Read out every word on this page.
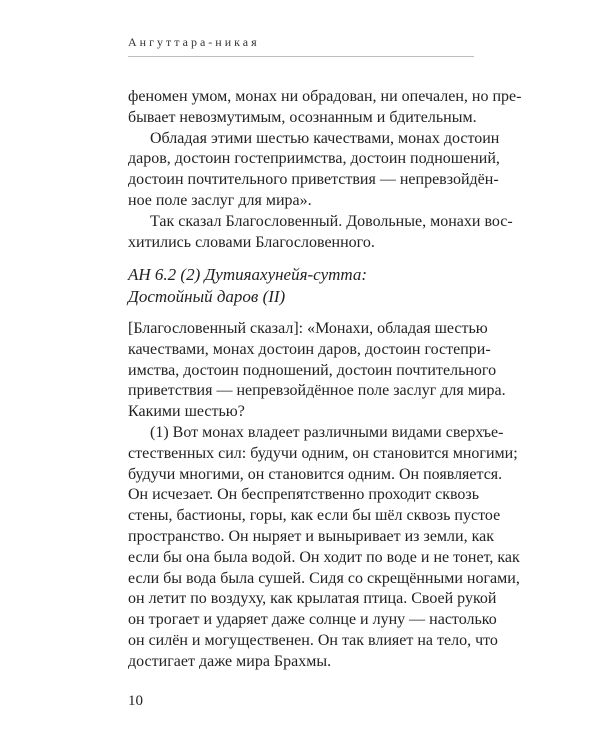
Ангуттара-никая
феномен умом, монах ни обрадован, ни опечален, но пре-
бывает невозмутимым, осознанным и бдительным.
Обладая этими шестью качествами, монах достоин
даров, достоин гостеприимства, достоин подношений,
достоин почтительного приветствия — непревзойдён-
ное поле заслуг для мира».
Так сказал Благословенный. Довольные, монахи вос-
хитились словами Благословенного.
АН 6.2 (2) Дутияахунейя-сутта:
Достойный даров (II)
[Благословенный сказал]: «Монахи, обладая шестью
качествами, монах достоин даров, достоин гостепри-
имства, достоин подношений, достоин почтительного
приветствия — непревзойдённое поле заслуг для мира.
Какими шестью?
(1) Вот монах владеет различными видами сверхъе-
стественных сил: будучи одним, он становится многими;
будучи многими, он становится одним. Он появляется.
Он исчезает. Он беспрепятственно проходит сквозь
стены, бастионы, горы, как если бы шёл сквозь пустое
пространство. Он ныряет и выныривает из земли, как
если бы она была водой. Он ходит по воде и не тонет, как
если бы вода была сушей. Сидя со скрещёнными ногами,
он летит по воздуху, как крылатая птица. Своей рукой
он трогает и ударяет даже солнце и луну — настолько
он силён и могущественен. Он так влияет на тело, что
достигает даже мира Брахмы.
10
